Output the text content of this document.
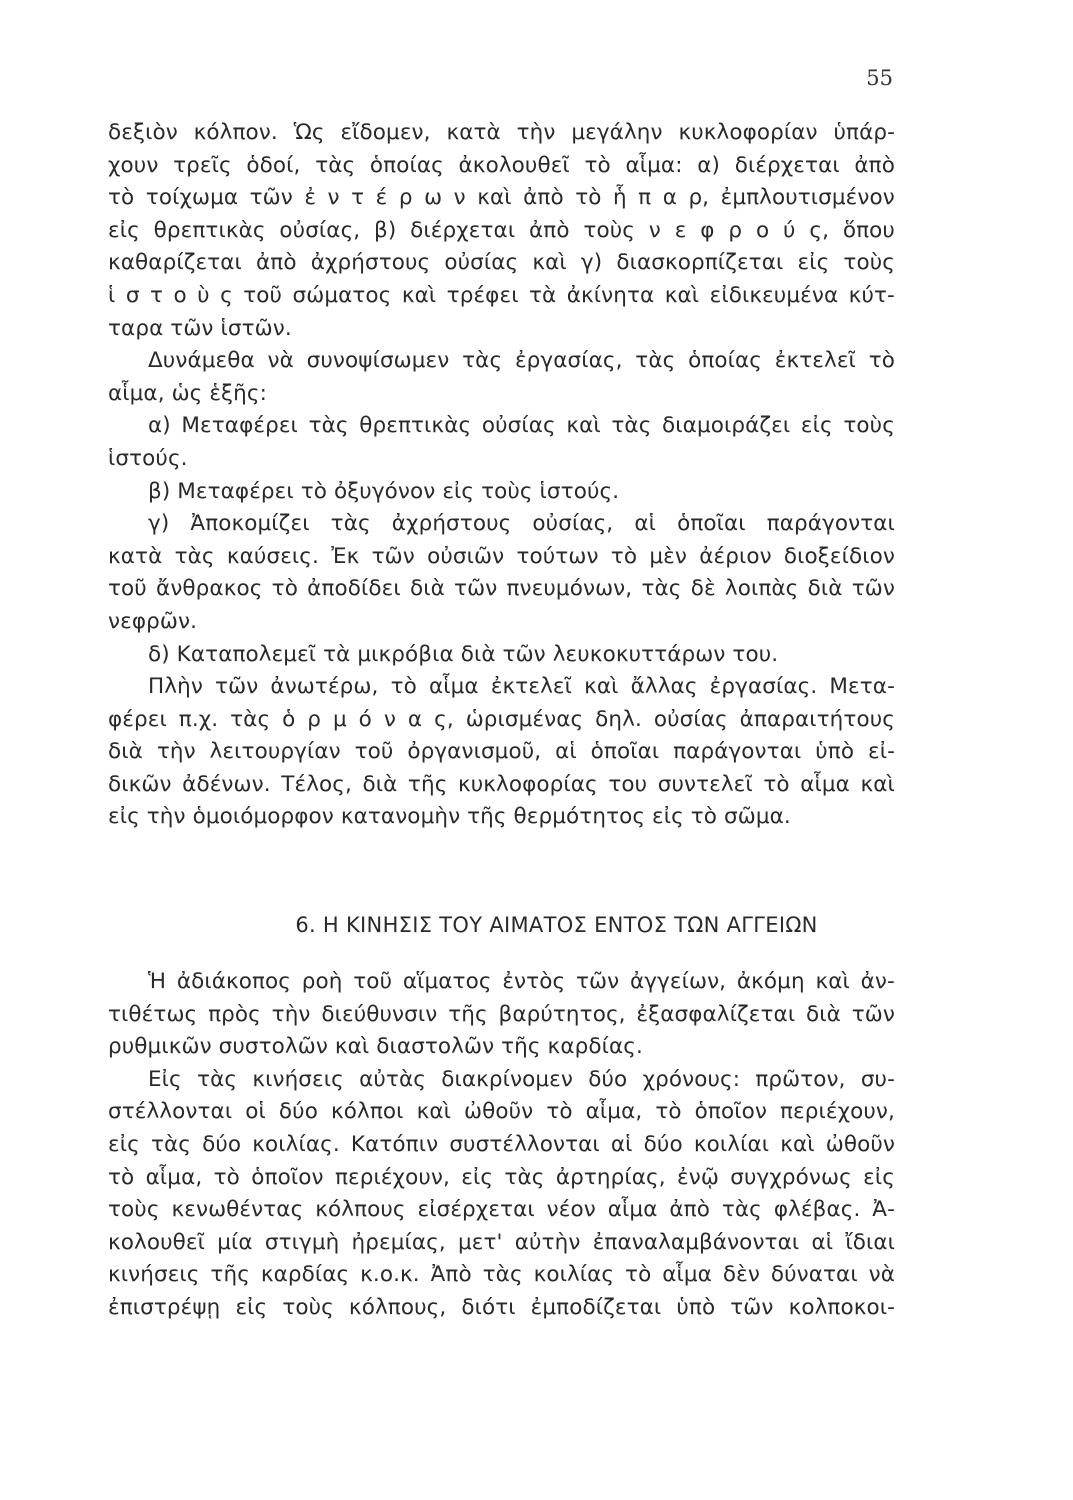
55
δεξιὸν κόλπον. Ὡς εἴδομεν, κατὰ τὴν μεγάλην κυκλοφορίαν ὑπάρ-
χουν τρεῖς ὁδοί, τὰς ὁποίας ἀκολουθεῖ τὸ αἷμα: α) διέρχεται ἀπὸ
τὸ τοίχωμα τῶν ἐ ν τ έ ρ ω ν καὶ ἀπὸ τὸ ἧ π α ρ, ἐμπλουτισμένον
εἰς θρεπτικὰς οὐσίας, β) διέρχεται ἀπὸ τοὺς ν ε φ ρ ο ύ ς, ὅπου
καθαρίζεται ἀπὸ ἀχρήστους οὐσίας καὶ γ) διασκορπίζεται εἰς τοὺς
ἱ σ τ ο ὺ ς τοῦ σώματος καὶ τρέφει τὰ ἀκίνητα καὶ εἰδικευμένα κύτ-
ταρα τῶν ἱστῶν.
Δυνάμεθα νὰ συνοψίσωμεν τὰς ἐργασίας, τὰς ὁποίας ἐκτελεῖ τὸ
αἷμα, ὡς ἑξῆς:
α) Μεταφέρει τὰς θρεπτικὰς οὐσίας καὶ τὰς διαμοιράζει εἰς τοὺς
ἱστούς.
β) Μεταφέρει τὸ ὀξυγόνον εἰς τοὺς ἱστούς.
γ) Ἀποκομίζει τὰς ἀχρήστους οὐσίας, αἱ ὁποῖαι παράγονται
κατὰ τὰς καύσεις. Ἐκ τῶν οὐσιῶν τούτων τὸ μὲν ἀέριον διοξείδιον
τοῦ ἄνθρακος τὸ ἀποδίδει διὰ τῶν πνευμόνων, τὰς δὲ λοιπὰς διὰ τῶν
νεφρῶν.
δ) Καταπολεμεῖ τὰ μικρόβια διὰ τῶν λευκοκυττάρων του.
Πλὴν τῶν ἀνωτέρω, τὸ αἷμα ἐκτελεῖ καὶ ἄλλας ἐργασίας. Μετα-
φέρει π.χ. τὰς ὁ ρ μ ό ν α ς, ὡρισμένας δηλ. οὐσίας ἀπαραιτήτους
διὰ τὴν λειτουργίαν τοῦ ὀργανισμοῦ, αἱ ὁποῖαι παράγονται ὑπὸ εἰ-
δικῶν ἀδένων. Τέλος, διὰ τῆς κυκλοφορίας του συντελεῖ τὸ αἷμα καὶ
εἰς τὴν ὁμοιόμορφον κατανομὴν τῆς θερμότητος εἰς τὸ σῶμα.
6. Η ΚΙΝΗΣΙΣ ΤΟΥ ΑΙΜΑΤΟΣ ΕΝΤΟΣ ΤΩΝ ΑΓΓΕΙΩΝ
Ἡ ἀδιάκοπος ροὴ τοῦ αἵματος ἐντὸς τῶν ἀγγείων, ἀκόμη καὶ ἀν-
τιθέτως πρὸς τὴν διεύθυνσιν τῆς βαρύτητος, ἐξασφαλίζεται διὰ τῶν
ρυθμικῶν συστολῶν καὶ διαστολῶν τῆς καρδίας.
Εἰς τὰς κινήσεις αὐτὰς διακρίνομεν δύο χρόνους: πρῶτον, συ-
στέλλονται οἱ δύο κόλποι καὶ ὠθοῦν τὸ αἷμα, τὸ ὁποῖον περιέχουν,
εἰς τὰς δύο κοιλίας. Κατόπιν συστέλλονται αἱ δύο κοιλίαι καὶ ὠθοῦν
τὸ αἷμα, τὸ ὁποῖον περιέχουν, εἰς τὰς ἀρτηρίας, ἐνῷ συγχρόνως εἰς
τοὺς κενωθέντας κόλπους εἰσέρχεται νέον αἷμα ἀπὸ τὰς φλέβας. Ἀ-
κολουθεῖ μία στιγμὴ ἠρεμίας, μετ' αὐτὴν ἐπαναλαμβάνονται αἱ ἴδιαι
κινήσεις τῆς καρδίας κ.ο.κ. Ἀπὸ τὰς κοιλίας τὸ αἷμα δὲν δύναται νὰ
ἐπιστρέψῃ εἰς τοὺς κόλπους, διότι ἐμποδίζεται ὑπὸ τῶν κολποκοι-
